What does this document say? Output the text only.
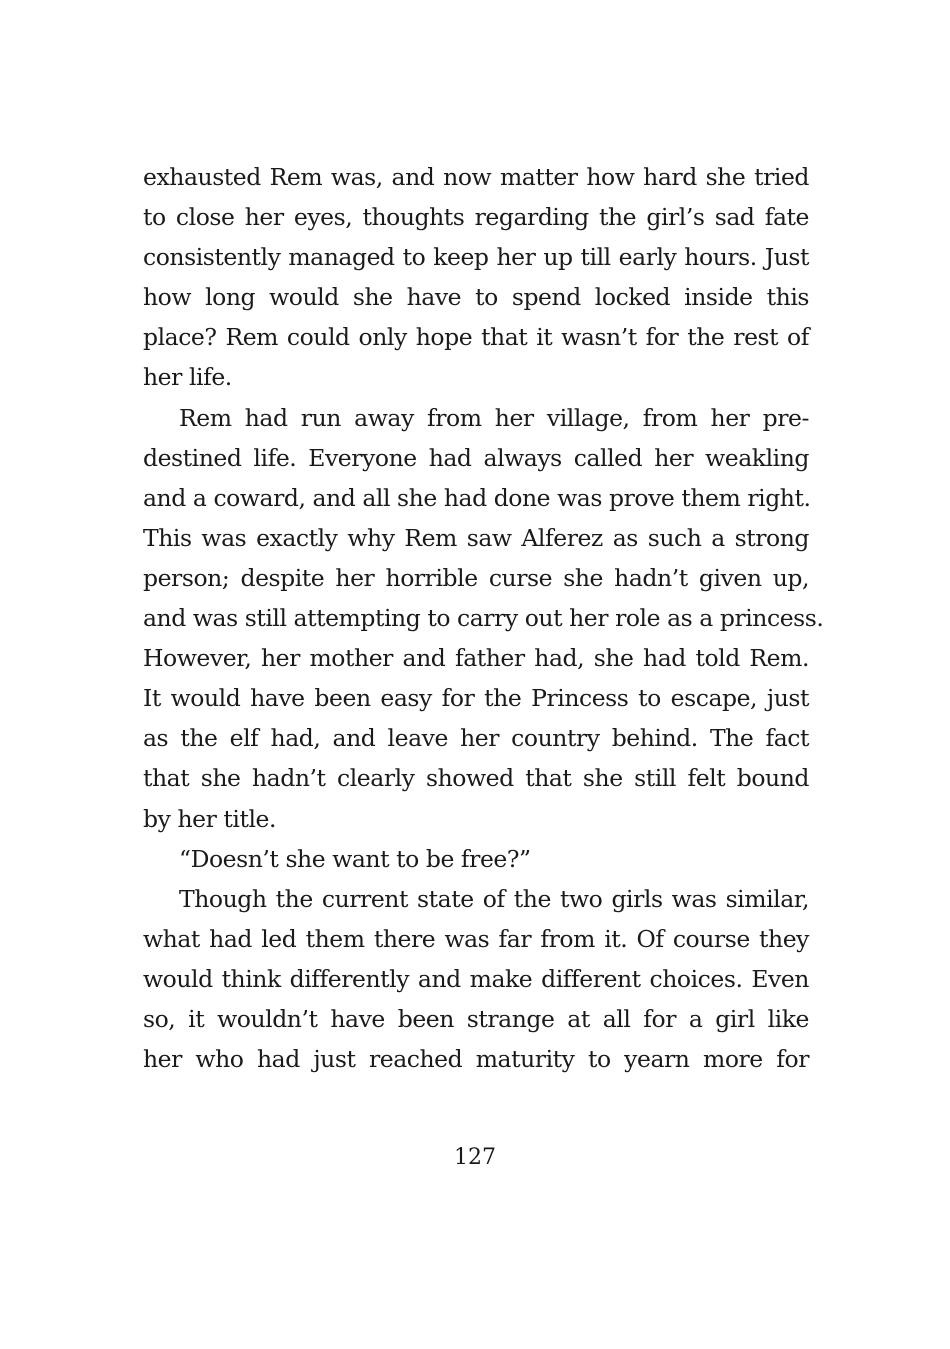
exhausted Rem was, and now matter how hard she tried
to close her eyes, thoughts regarding the girl’s sad fate
consistently managed to keep her up till early hours. Just
how long would she have to spend locked inside this
place? Rem could only hope that it wasn’t for the rest of
her life.
Rem had run away from her village, from her pre-
destined life. Everyone had always called her weakling
and a coward, and all she had done was prove them right.
This was exactly why Rem saw Alferez as such a strong
person; despite her horrible curse she hadn’t given up,
and was still attempting to carry out her role as a princess.
However, her mother and father had, she had told Rem.
It would have been easy for the Princess to escape, just
as the elf had, and leave her country behind. The fact
that she hadn’t clearly showed that she still felt bound
by her title.
“Doesn’t she want to be free?”
Though the current state of the two girls was similar,
what had led them there was far from it. Of course they
would think differently and make different choices. Even
so, it wouldn’t have been strange at all for a girl like
her who had just reached maturity to yearn more for
127
